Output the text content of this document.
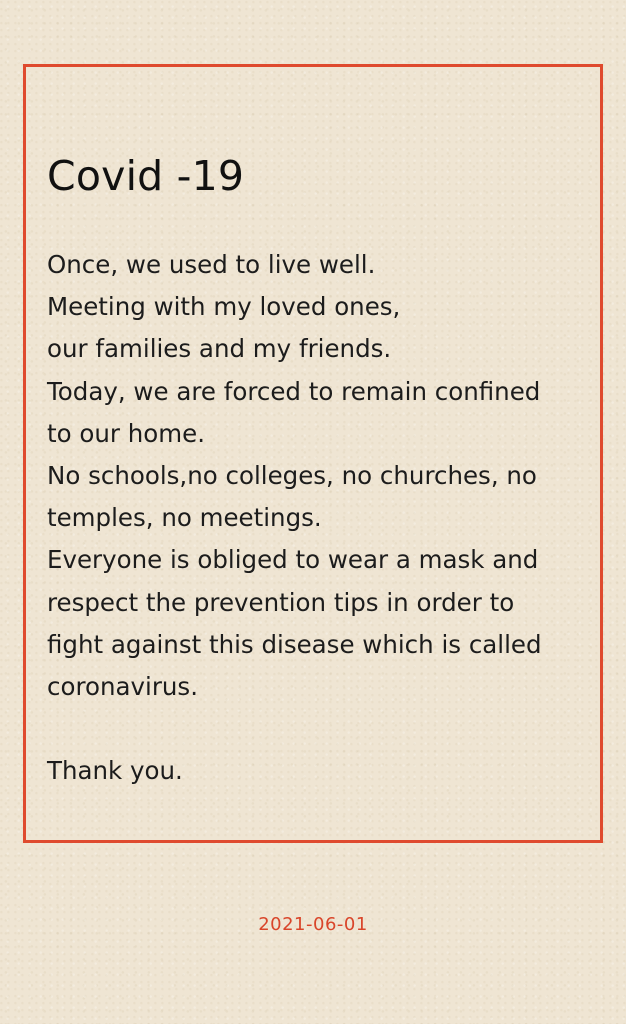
Covid -19
Once, we used to live well.
Meeting with my loved ones,
our families and my friends.
Today, we are forced to remain confined
to our home.
No schools,no colleges, no churches, no
temples, no meetings.
Everyone is obliged to wear a mask and
respect the prevention tips in order to
fight against this disease which is called
coronavirus.
Thank you.
2021-06-01
